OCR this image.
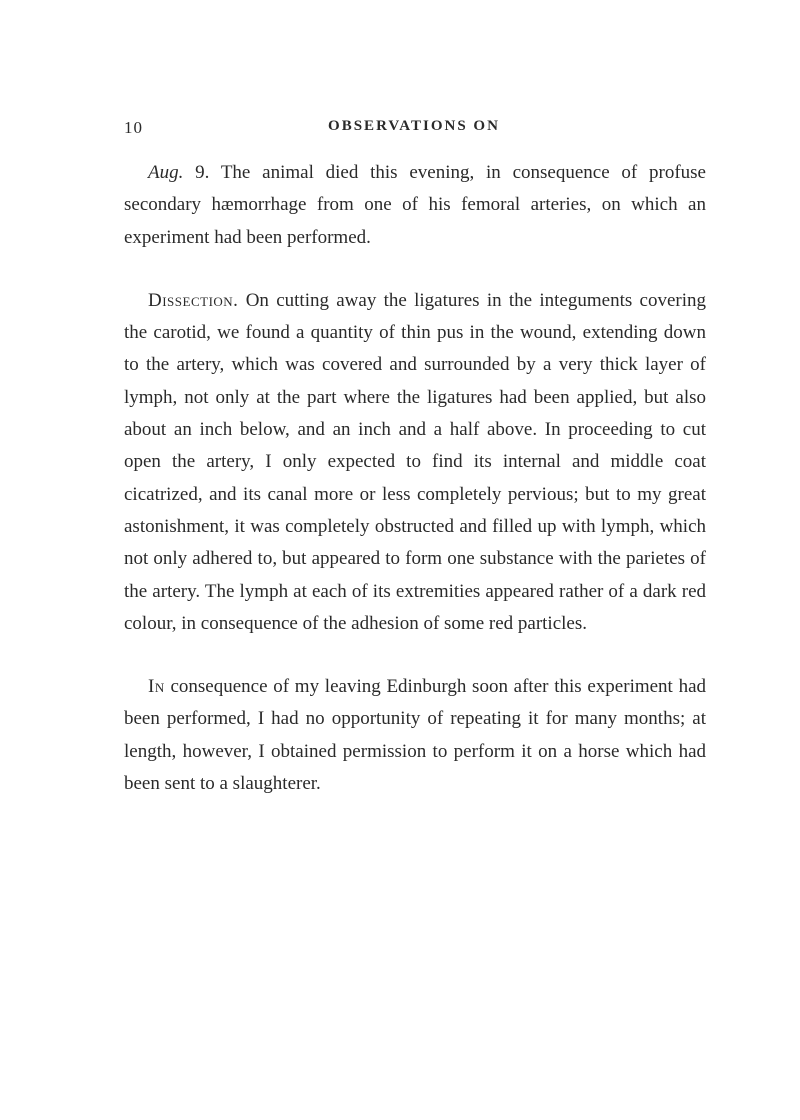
10	OBSERVATIONS ON

Aug. 9. The animal died this evening, in consequence of profuse secondary hæmorrhage from one of his femoral arteries, on which an experiment had been performed.

Dissection. On cutting away the ligatures in the integuments covering the carotid, we found a quantity of thin pus in the wound, extending down to the artery, which was covered and surrounded by a very thick layer of lymph, not only at the part where the ligatures had been applied, but also about an inch below, and an inch and a half above. In proceeding to cut open the artery, I only expected to find its internal and middle coat cicatrized, and its canal more or less completely pervious; but to my great astonishment, it was completely obstructed and filled up with lymph, which not only adhered to, but appeared to form one substance with the parietes of the artery. The lymph at each of its extremities appeared rather of a dark red colour, in consequence of the adhesion of some red particles.

In consequence of my leaving Edinburgh soon after this experiment had been performed, I had no opportunity of repeating it for many months; at length, however, I obtained permission to perform it on a horse which had been sent to a slaughterer.
